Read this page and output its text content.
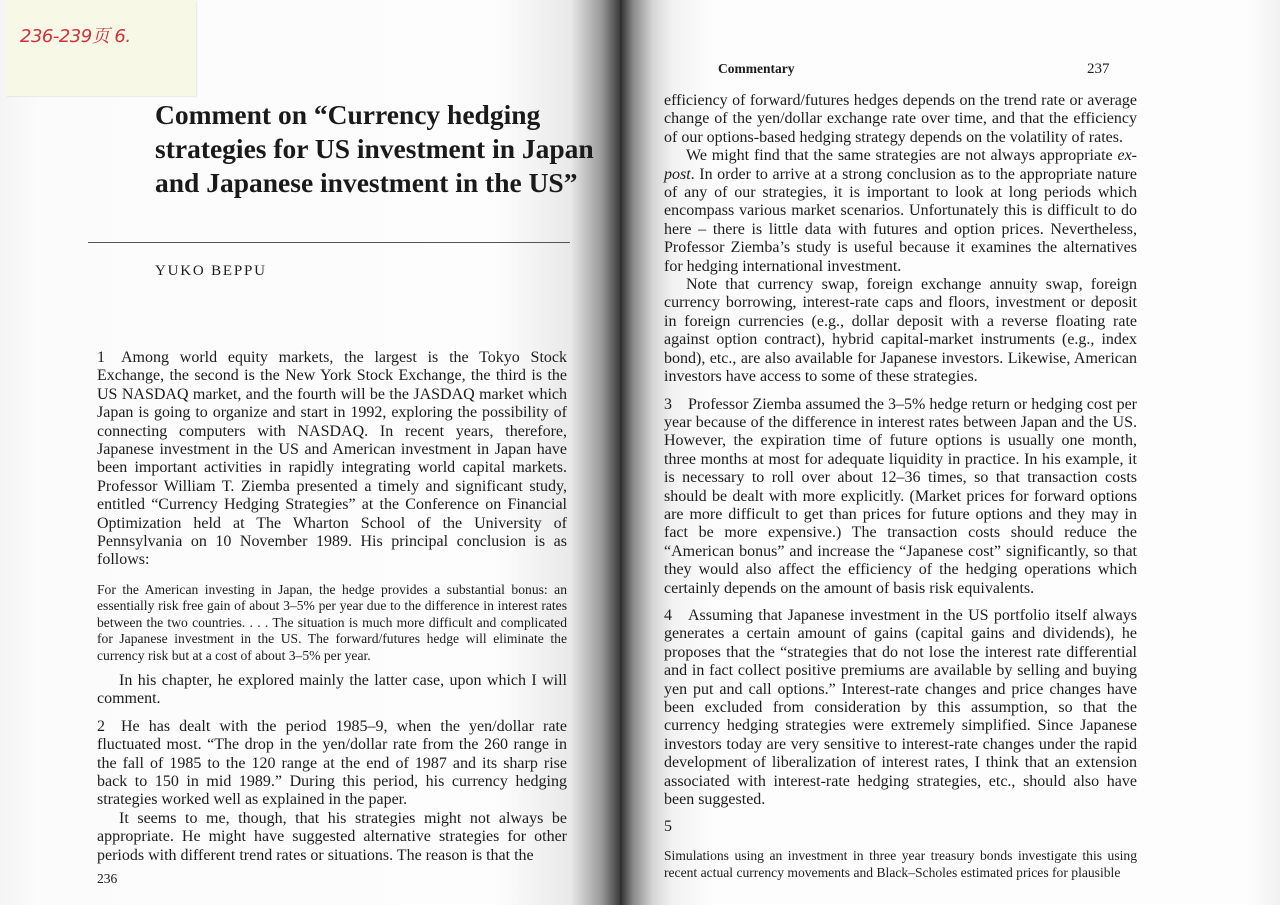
236-239页 6.
Comment on “Currency hedging strategies for US investment in Japan and Japanese investment in the US”
YUKO BEPPU

1 Among world equity markets, the largest is the Tokyo Stock Exchange, the second is the New York Stock Exchange, the third is the US NASDAQ market, and the fourth will be the JASDAQ market which Japan is going to organize and start in 1992, exploring the possibility of connecting computers with NASDAQ. In recent years, therefore, Japanese investment in the US and American investment in Japan have been important activities in rapidly integrating world capital markets. Professor William T. Ziemba presented a timely and significant study, entitled “Currency Hedging Strategies” at the Conference on Financial Optimization held at The Wharton School of the University of Pennsylvania on 10 November 1989. His principal conclusion is as follows:

For the American investing in Japan, the hedge provides a substantial bonus: an essentially risk free gain of about 3–5% per year due to the difference in interest rates between the two countries. . . . The situation is much more difficult and complicated for Japanese investment in the US. The forward/futures hedge will eliminate the currency risk but at a cost of about 3–5% per year.

In his chapter, he explored mainly the latter case, upon which I will comment.

2 He has dealt with the period 1985–9, when the yen/dollar rate fluctuated most. “The drop in the yen/dollar rate from the 260 range in the fall of 1985 to the 120 range at the end of 1987 and its sharp rise back to 150 in mid 1989.” During this period, his currency hedging strategies worked well as explained in the paper.

It seems to me, though, that his strategies might not always be appropriate. He might have suggested alternative strategies for other periods with different trend rates or situations. The reason is that the

236
Commentary	237

efficiency of forward/futures hedges depends on the trend rate or average change of the yen/dollar exchange rate over time, and that the efficiency of our options-based hedging strategy depends on the volatility of rates.

We might find that the same strategies are not always appropriate ex-post. In order to arrive at a strong conclusion as to the appropriate nature of any of our strategies, it is important to look at long periods which encompass various market scenarios. Unfortunately this is difficult to do here – there is little data with futures and option prices. Nevertheless, Professor Ziemba’s study is useful because it examines the alternatives for hedging international investment.

Note that currency swap, foreign exchange annuity swap, foreign currency borrowing, interest-rate caps and floors, investment or deposit in foreign currencies (e.g., dollar deposit with a reverse floating rate against option contract), hybrid capital-market instruments (e.g., index bond), etc., are also available for Japanese investors. Likewise, American investors have access to some of these strategies.

3 Professor Ziemba assumed the 3–5% hedge return or hedging cost per year because of the difference in interest rates between Japan and the US. However, the expiration time of future options is usually one month, three months at most for adequate liquidity in practice. In his example, it is necessary to roll over about 12–36 times, so that transaction costs should be dealt with more explicitly. (Market prices for forward options are more difficult to get than prices for future options and they may in fact be more expensive.) The transaction costs should reduce the “American bonus” and increase the “Japanese cost” significantly, so that they would also affect the efficiency of the hedging operations which certainly depends on the amount of basis risk equivalents.

4 Assuming that Japanese investment in the US portfolio itself always generates a certain amount of gains (capital gains and dividends), he proposes that the “strategies that do not lose the interest rate differential and in fact collect positive premiums are available by selling and buying yen put and call options.” Interest-rate changes and price changes have been excluded from consideration by this assumption, so that the currency hedging strategies were extremely simplified. Since Japanese investors today are very sensitive to interest-rate changes under the rapid development of liberalization of interest rates, I think that an extension associated with interest-rate hedging strategies, etc., should also have been suggested.

5

Simulations using an investment in three year treasury bonds investigate this using recent actual currency movements and Black–Scholes estimated prices for plausible
